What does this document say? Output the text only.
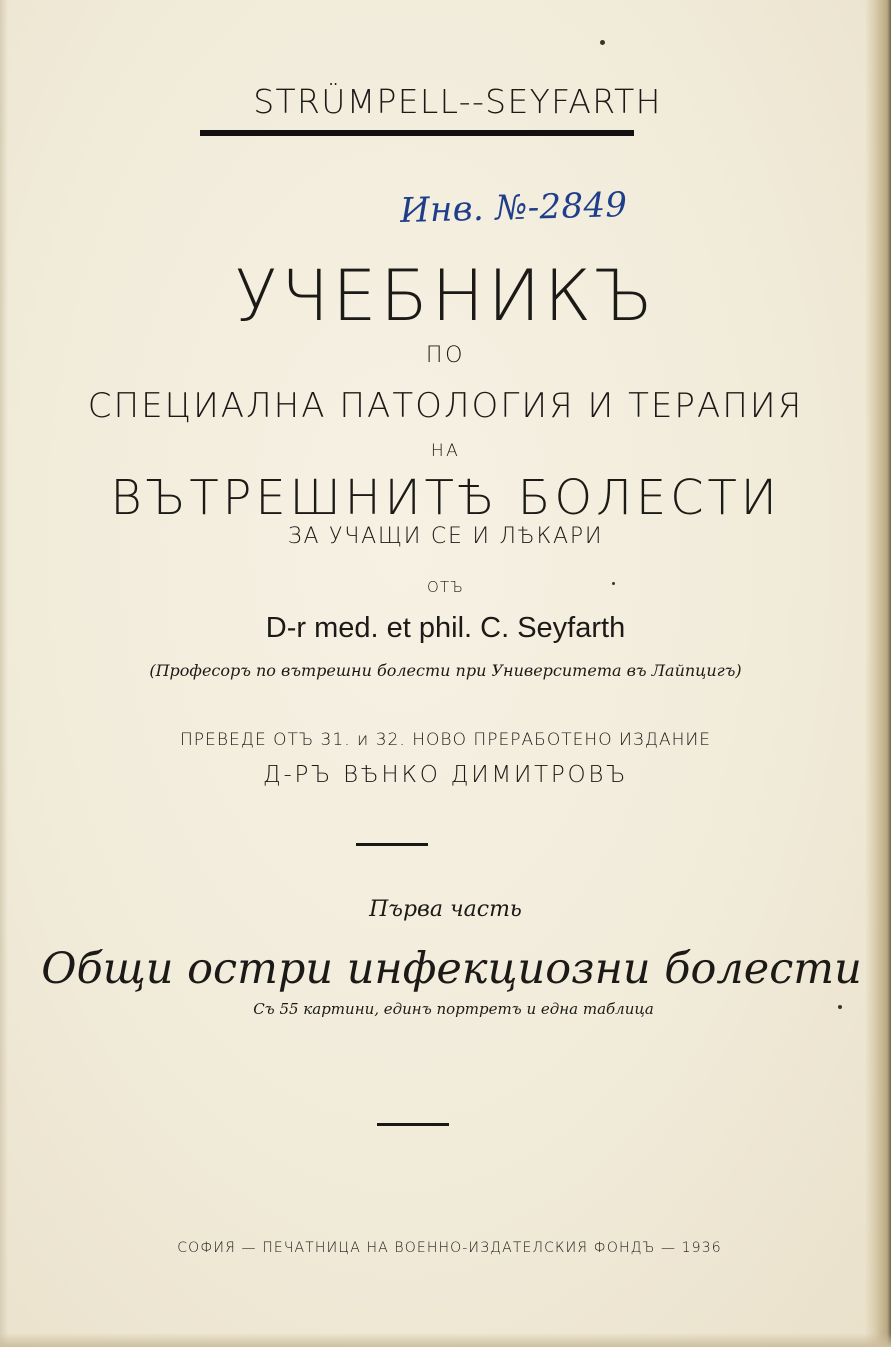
STRÜMPELL--SEYFARTH
Инв. №-2849
УЧЕБНИКЪ
ПО
СПЕЦИАЛНА ПАТОЛОГИЯ И ТЕРАПИЯ
НА
ВЪТРЕШНИТѢ БОЛЕСТИ
ЗА УЧАЩИ СЕ И ЛѢКАРИ
ОТЪ
D-r med. et phil. C. Seyfarth
(Професоръ по вътрешни болести при Университета въ Лайпцигъ)
ПРЕВЕДЕ ОТЪ 31. и 32. НОВО ПРЕРАБОТЕНО ИЗДАНИЕ
Д-РЪ ВѢНКО ДИМИТРОВЪ
Първа часть
Общи остри инфекциозни болести
Съ 55 картини, единъ портретъ и една таблица
СОФИЯ — ПЕЧАТНИЦА НА ВОЕННО-ИЗДАТЕЛСКИЯ ФОНДЪ — 1936
